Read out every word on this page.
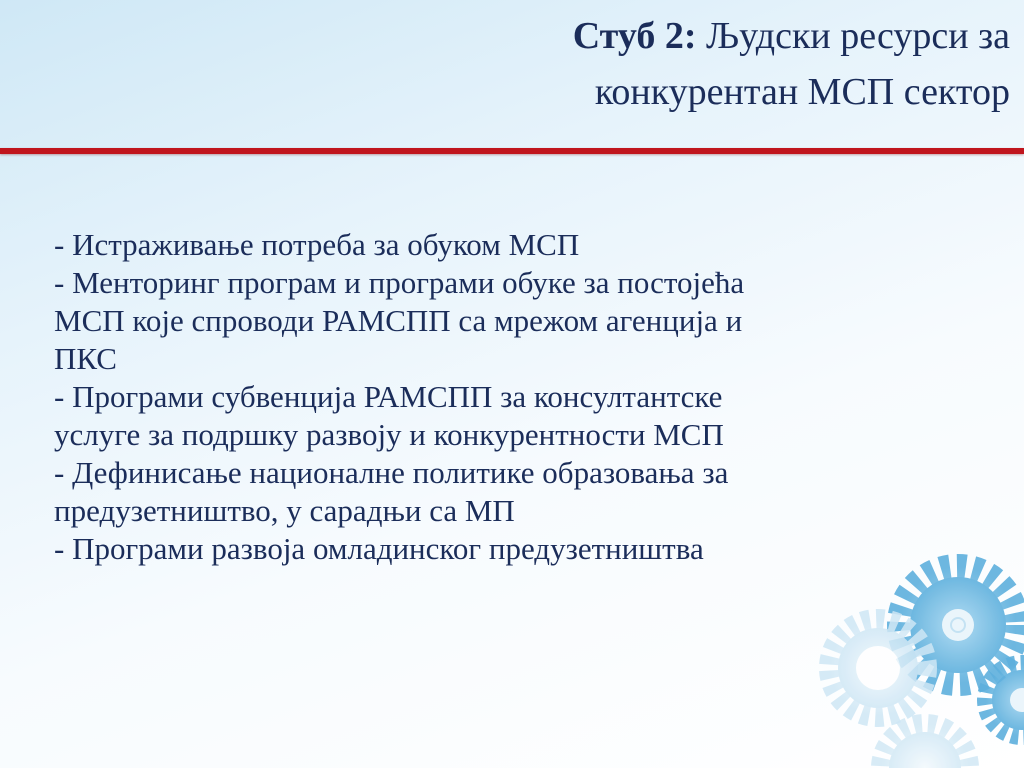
Стуб 2: Људски ресурси за
конкурентан МСП сектор
- Истраживање потреба за обуком МСП
- Менторинг програм и програми обуке за постојећа
МСП које спроводи РАМСПП са мрежом агенција и
ПКС
- Програми субвенција РАМСПП за консултантске
услуге за подршку развоју и конкурентности МСП
- Дефинисање националне политике образовања за
предузетништво, у сарадњи са МП
- Програми развоја омладинског предузетништва
